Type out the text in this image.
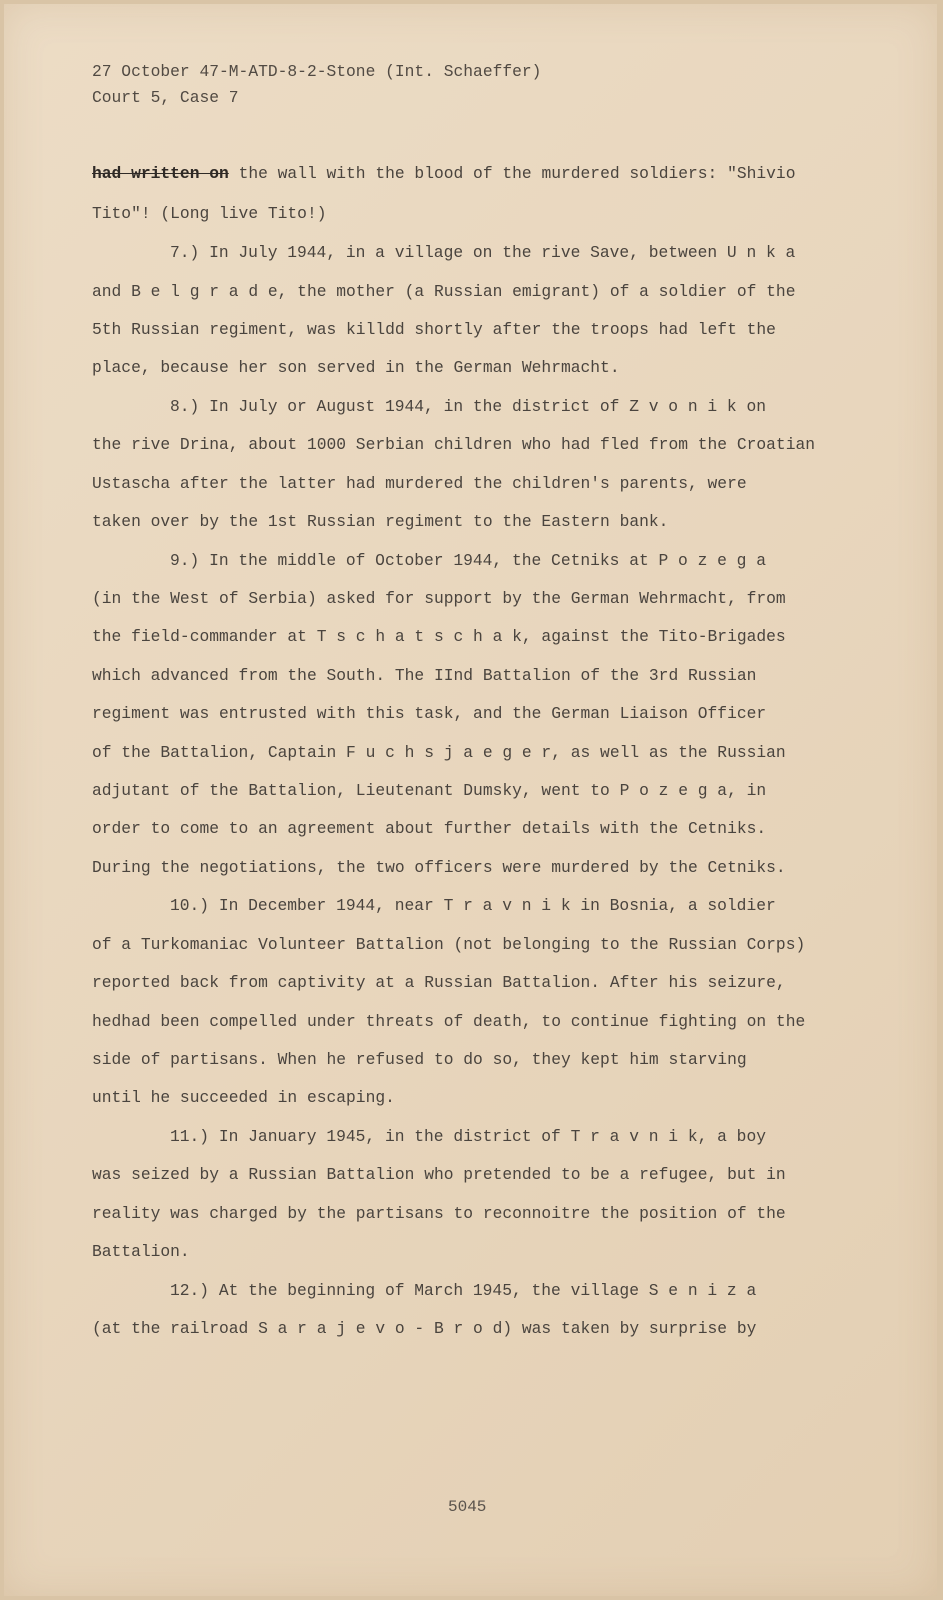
27 October 47-M-ATD-8-2-Stone (Int. Schaeffer)
Court 5, Case 7
had written on the wall with the blood of the murdered soldiers: "Shivio
Tito"! (Long live Tito!)
7.) In July 1944, in a village on the rive Save, between U n k a
and B e l g r a d e, the mother (a Russian emigrant) of a soldier of the
5th Russian regiment, was killdd shortly after the troops had left the
place, because her son served in the German Wehrmacht.
8.) In July or August 1944, in the district of Z v o n i k on
the rive Drina, about 1000 Serbian children who had fled from the Croatian
Ustascha after the latter had murdered the children's parents, were
taken over by the 1st Russian regiment to the Eastern bank.
9.) In the middle of October 1944, the Cetniks at P o z e g a
(in the West of Serbia) asked for support by the German Wehrmacht, from
the field-commander at T s c h a t s c h a k, against the Tito-Brigades
which advanced from the South. The IInd Battalion of the 3rd Russian
regiment was entrusted with this task, and the German Liaison Officer
of the Battalion, Captain F u c h s j a e g e r, as well as the Russian
adjutant of the Battalion, Lieutenant Dumsky, went to P o z e g a, in
order to come to an agreement about further details with the Cetniks.
During the negotiations, the two officers were murdered by the Cetniks.
10.) In December 1944, near T r a v n i k in Bosnia, a soldier
of a Turkomaniac Volunteer Battalion (not belonging to the Russian Corps)
reported back from captivity at a Russian Battalion. After his seizure,
hedhad been compelled under threats of death, to continue fighting on the
side of partisans. When he refused to do so, they kept him starving
until he succeeded in escaping.
11.) In January 1945, in the district of T r a v n i k, a boy
was seized by a Russian Battalion who pretended to be a refugee, but in
reality was charged by the partisans to reconnoitre the position of the
Battalion.
12.) At the beginning of March 1945, the village S e n i z a
(at the railroad S a r a j e v o - B r o d) was taken by surprise by
5045
